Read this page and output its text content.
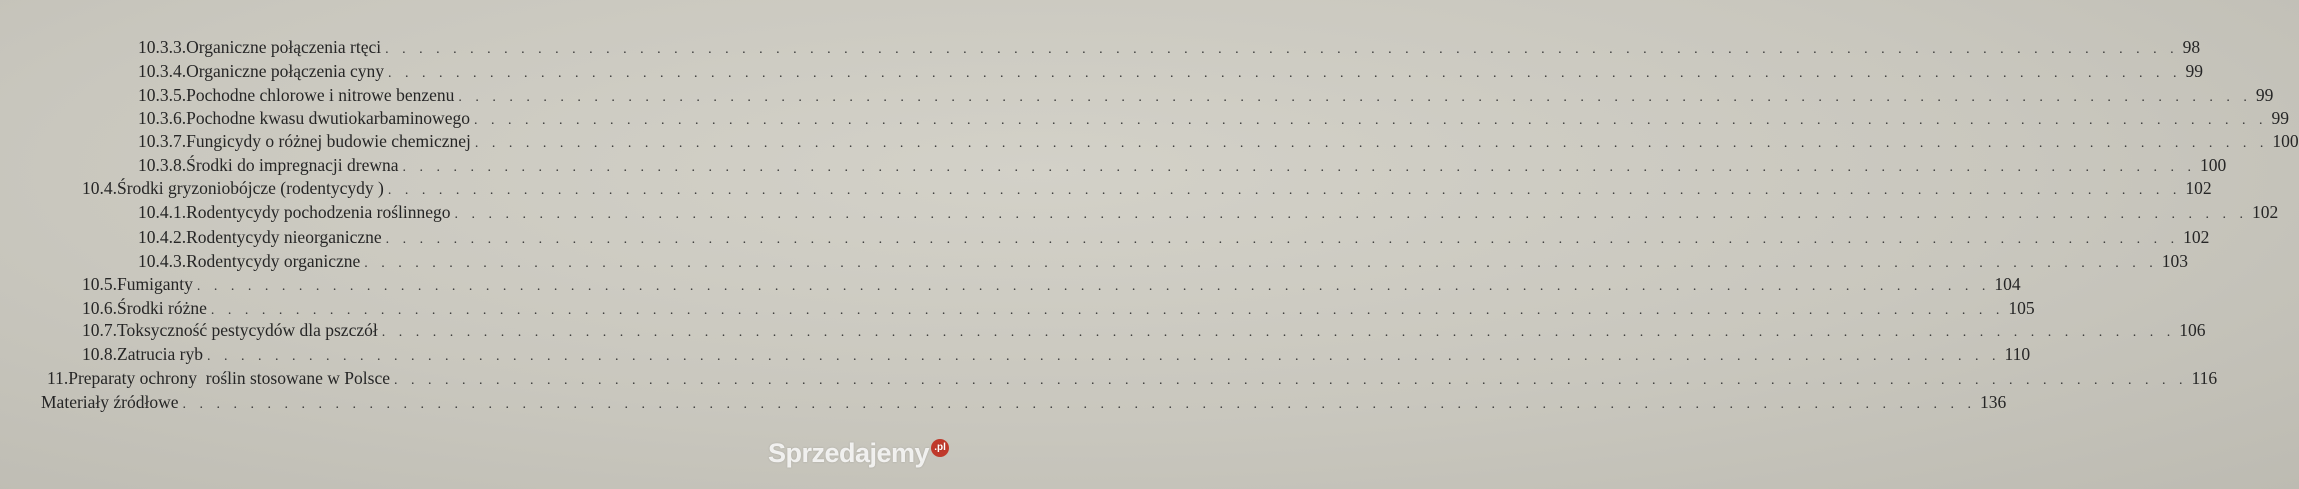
10.3.3. Organiczne połączenia rtęci . . . . . . . . . . . . . . . . . . . . . . . . . . . . . . . . . . . . . . . . . . . . . . . . . . . . . . . . . . . . . . . . . . . . . . . . . . . . . . . . . . . . . . . . . . . . . . . . . . . . . . . . . . 98
10.3.4. Organiczne połączenia cyny . . . . . . . . . . . . . . . . . . . . . . . . . . . . . . . . . . . . . . . . . . . . . . . . . . . . . . . . . . . . . . . . . . . . . . . . . . . . . . . . . . . . . . . . . . . . . . . . . . . . . . . . . . 99
10.3.5. Pochodne chlorowe i nitrowe benzenu . . . . . . . . . . . . . . . . . . . . . . . . . . . . . . . . . . . . . . . . . . . . . . . . . . . . . . . . . . . . . . . . . . . . . . . . . . . . . . . . . . . . . . . . . . . . . . . . . . . . . . . . . . 99
10.3.6. Pochodne kwasu dwutiokarbaminowego . . . . . . . . . . . . . . . . . . . . . . . . . . . . . . . . . . . . . . . . . . . . . . . . . . . . . . . . . . . . . . . . . . . . . . . . . . . . . . . . . . . . . . . . . . . . . . . . . . . . . . . . . . 99
10.3.7. Fungicydy o różnej budowie chemicznej . . . . . . . . . . . . . . . . . . . . . . . . . . . . . . . . . . . . . . . . . . . . . . . . . . . . . . . . . . . . . . . . . . . . . . . . . . . . . . . . . . . . . . . . . . . . . . . . . . . . . . . . . . 100
10.3.8. Środki do impregnacji drewna . . . . . . . . . . . . . . . . . . . . . . . . . . . . . . . . . . . . . . . . . . . . . . . . . . . . . . . . . . . . . . . . . . . . . . . . . . . . . . . . . . . . . . . . . . . . . . . . . . . . . . . . . . 100
10.4. Środki gryzoniobójcze (rodentycydy ) . . . . . . . . . . . . . . . . . . . . . . . . . . . . . . . . . . . . . . . . . . . . . . . . . . . . . . . . . . . . . . . . . . . . . . . . . . . . . . . . . . . . . . . . . . . . . . . . . . . . . . . . . . 102
10.4.1. Rodentycydy pochodzenia roślinnego . . . . . . . . . . . . . . . . . . . . . . . . . . . . . . . . . . . . . . . . . . . . . . . . . . . . . . . . . . . . . . . . . . . . . . . . . . . . . . . . . . . . . . . . . . . . . . . . . . . . . . . . . . 102
10.4.2. Rodentycydy nieorganiczne . . . . . . . . . . . . . . . . . . . . . . . . . . . . . . . . . . . . . . . . . . . . . . . . . . . . . . . . . . . . . . . . . . . . . . . . . . . . . . . . . . . . . . . . . . . . . . . . . . . . . . . . . . 102
10.4.3. Rodentycydy organiczne . . . . . . . . . . . . . . . . . . . . . . . . . . . . . . . . . . . . . . . . . . . . . . . . . . . . . . . . . . . . . . . . . . . . . . . . . . . . . . . . . . . . . . . . . . . . . . . . . . . . . . . . . . 103
10.5. Fumiganty . . . . . . . . . . . . . . . . . . . . . . . . . . . . . . . . . . . . . . . . . . . . . . . . . . . . . . . . . . . . . . . . . . . . . . . . . . . . . . . . . . . . . . . . . . . . . . . . . . . . . . . . . . 104
10.6. Środki różne . . . . . . . . . . . . . . . . . . . . . . . . . . . . . . . . . . . . . . . . . . . . . . . . . . . . . . . . . . . . . . . . . . . . . . . . . . . . . . . . . . . . . . . . . . . . . . . . . . . . . . . . . . 105
10.7. Toksyczność pestycydów dla pszczół . . . . . . . . . . . . . . . . . . . . . . . . . . . . . . . . . . . . . . . . . . . . . . . . . . . . . . . . . . . . . . . . . . . . . . . . . . . . . . . . . . . . . . . . . . . . . . . . . . . . . . . . . . 106
10.8. Zatrucia ryb . . . . . . . . . . . . . . . . . . . . . . . . . . . . . . . . . . . . . . . . . . . . . . . . . . . . . . . . . . . . . . . . . . . . . . . . . . . . . . . . . . . . . . . . . . . . . . . . . . . . . . . . . . 110
11. Preparaty ochrony  roślin stosowane w Polsce . . . . . . . . . . . . . . . . . . . . . . . . . . . . . . . . . . . . . . . . . . . . . . . . . . . . . . . . . . . . . . . . . . . . . . . . . . . . . . . . . . . . . . . . . . . . . . . . . . . . . . . . . . 116
Materiały źródłowe . . . . . . . . . . . . . . . . . . . . . . . . . . . . . . . . . . . . . . . . . . . . . . . . . . . . . . . . . . . . . . . . . . . . . . . . . . . . . . . . . . . . . . . . . . . . . . . . . . . . . . . . . . 136
Sprzedajemy .pl
